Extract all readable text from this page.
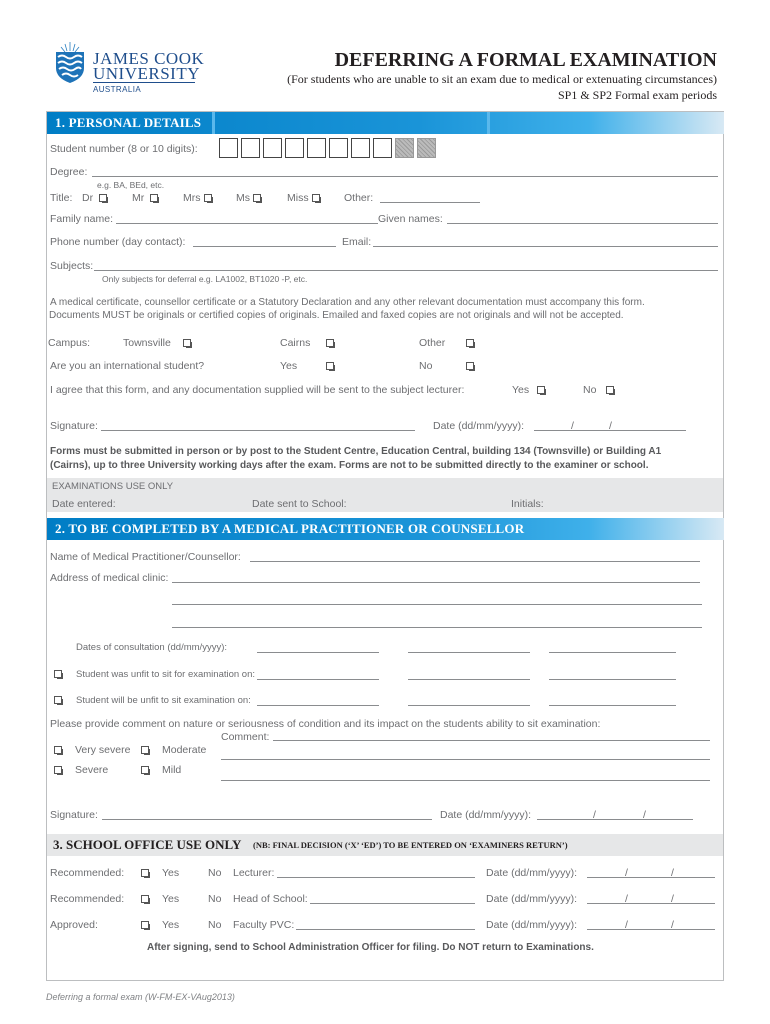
JAMES COOK
UNIVERSITY
AUSTRALIA
DEFERRING A FORMAL EXAMINATION
(For students who are unable to sit an exam due to medical or extenuating circumstances)
SP1 & SP2 Formal exam periods
1. PERSONAL DETAILS
Student number (8 or 10 digits):
Degree:
e.g. BA, BEd, etc.
Title: Dr	Mr	Mrs	Ms	Miss	Other:
Family name:	Given names:
Phone number (day contact):	Email:
Subjects:
Only subjects for deferral e.g. LA1002, BT1020 -P, etc.
A medical certificate, counsellor certificate or a Statutory Declaration and any other relevant documentation must accompany this form.
Documents MUST be originals or certified copies of originals. Emailed and faxed copies are not originals and will not be accepted.
Campus:	Townsville	Cairns	Other
Are you an international student?	Yes	No
I agree that this form, and any documentation supplied will be sent to the subject lecturer:	Yes	No
Signature:	Date (dd/mm/yyyy):	/	/
Forms must be submitted in person or by post to the Student Centre, Education Central, building 134 (Townsville) or Building A1
(Cairns), up to three University working days after the exam. Forms are not to be submitted directly to the examiner or school.
EXAMINATIONS USE ONLY
Date entered:	Date sent to School:	Initials:
2. TO BE COMPLETED BY A MEDICAL PRACTITIONER OR COUNSELLOR
Name of Medical Practitioner/Counsellor:
Address of medical clinic:
Dates of consultation (dd/mm/yyyy):
Student was unfit to sit for examination on:
Student will be unfit to sit examination on:
Please provide comment on nature or seriousness of condition and its impact on the students ability to sit examination:
Comment:
Very severe	Moderate
Severe	Mild
Signature:	Date (dd/mm/yyyy):	/	/
3. SCHOOL OFFICE USE ONLY (NB: FINAL DECISION (‘X’ ‘ED’) TO BE ENTERED ON ‘EXAMINERS RETURN’)
Recommended:	Yes	No Lecturer:	Date (dd/mm/yyyy):	/	/
Recommended:	Yes	No Head of School:	Date (dd/mm/yyyy):	/	/
Approved:	Yes	No Faculty PVC:	Date (dd/mm/yyyy):	/	/
After signing, send to School Administration Officer for filing. Do NOT return to Examinations.
Deferring a formal exam (W-FM-EX-VAug2013)
